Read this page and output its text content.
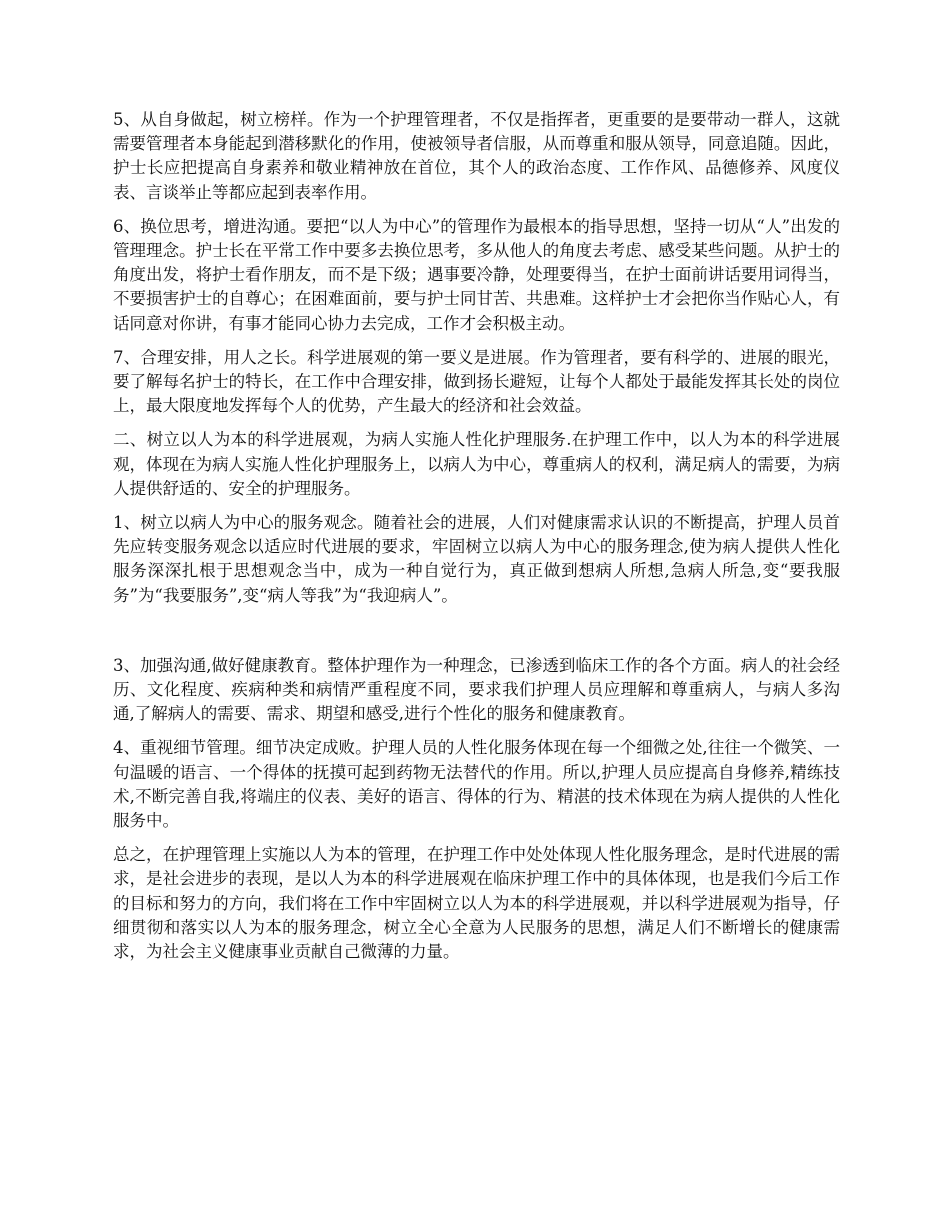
5、从自身做起，树立榜样。作为一个护理管理者，不仅是指挥者，更重要的是要带动一群人，这就需要管理者本身能起到潜移默化的作用，使被领导者信服，从而尊重和服从领导，同意追随。因此，护士长应把提高自身素养和敬业精神放在首位，其个人的政治态度、工作作风、品德修养、风度仪表、言谈举止等都应起到表率作用。

6、换位思考，增进沟通。要把“以人为中心”的管理作为最根本的指导思想，坚持一切从“人”出发的管理理念。护士长在平常工作中要多去换位思考，多从他人的角度去考虑、感受某些问题。从护士的角度出发，将护士看作朋友，而不是下级；遇事要冷静，处理要得当，在护士面前讲话要用词得当，不要损害护士的自尊心；在困难面前，要与护士同甘苦、共患难。这样护士才会把你当作贴心人，有话同意对你讲，有事才能同心协力去完成，工作才会积极主动。

7、合理安排，用人之长。科学进展观的第一要义是进展。作为管理者，要有科学的、进展的眼光，要了解每名护士的特长，在工作中合理安排，做到扬长避短，让每个人都处于最能发挥其长处的岗位上，最大限度地发挥每个人的优势，产生最大的经济和社会效益。

二、树立以人为本的科学进展观，为病人实施人性化护理服务.在护理工作中，以人为本的科学进展观，体现在为病人实施人性化护理服务上，以病人为中心，尊重病人的权利，满足病人的需要，为病人提供舒适的、安全的护理服务。

1、树立以病人为中心的服务观念。随着社会的进展，人们对健康需求认识的不断提高，护理人员首先应转变服务观念以适应时代进展的要求，牢固树立以病人为中心的服务理念,使为病人提供人性化服务深深扎根于思想观念当中，成为一种自觉行为，真正做到想病人所想,急病人所急,变“要我服务”为“我要服务”,变“病人等我”为“我迎病人”。

3、加强沟通,做好健康教育。整体护理作为一种理念，已渗透到临床工作的各个方面。病人的社会经历、文化程度、疾病种类和病情严重程度不同，要求我们护理人员应理解和尊重病人，与病人多沟通,了解病人的需要、需求、期望和感受,进行个性化的服务和健康教育。

4、重视细节管理。细节决定成败。护理人员的人性化服务体现在每一个细微之处,往往一个微笑、一句温暖的语言、一个得体的抚摸可起到药物无法替代的作用。所以,护理人员应提高自身修养,精练技术,不断完善自我,将端庄的仪表、美好的语言、得体的行为、精湛的技术体现在为病人提供的人性化服务中。

总之，在护理管理上实施以人为本的管理，在护理工作中处处体现人性化服务理念，是时代进展的需求，是社会进步的表现，是以人为本的科学进展观在临床护理工作中的具体体现，也是我们今后工作的目标和努力的方向，我们将在工作中牢固树立以人为本的科学进展观，并以科学进展观为指导，仔细贯彻和落实以人为本的服务理念，树立全心全意为人民服务的思想，满足人们不断增长的健康需求，为社会主义健康事业贡献自己微薄的力量。
